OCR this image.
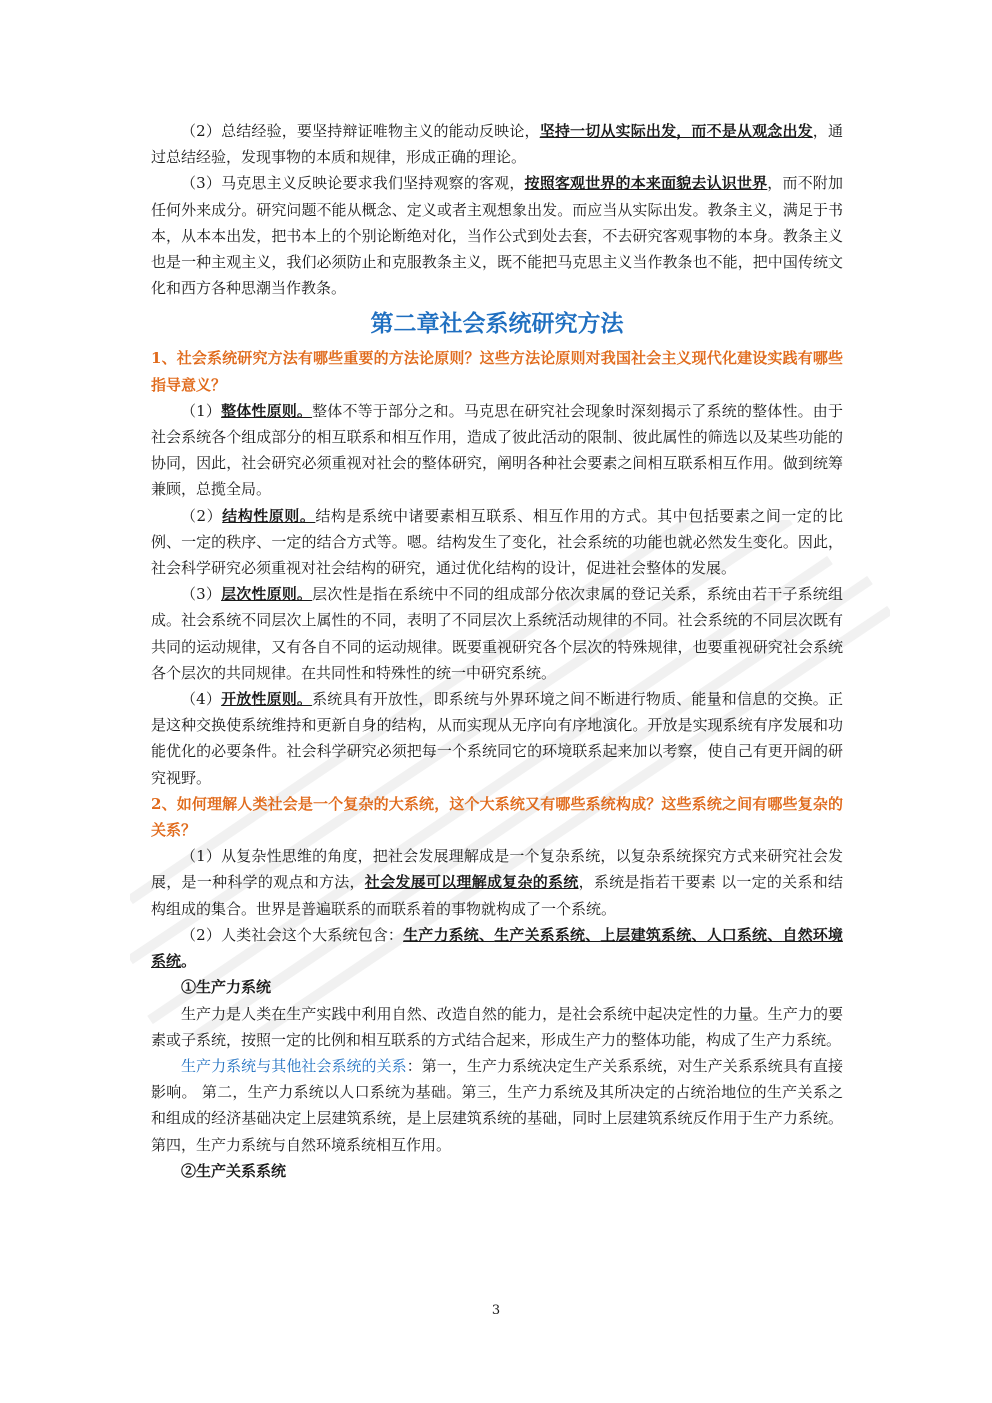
（2）总结经验，要坚持辩证唯物主义的能动反映论，坚持一切从实际出发，而不是从观念出发，通过总结经验，发现事物的本质和规律，形成正确的理论。

（3）马克思主义反映论要求我们坚持观察的客观，按照客观世界的本来面貌去认识世界，而不附加任何外来成分。研究问题不能从概念、定义或者主观想象出发。而应当从实际出发。教条主义，满足于书本，从本本出发，把书本上的个别论断绝对化，当作公式到处去套，不去研究客观事物的本身。教条主义也是一种主观主义，我们必须防止和克服教条主义，既不能把马克思主义当作教条也不能，把中国传统文化和西方各种思潮当作教条。

第二章社会系统研究方法

1、社会系统研究方法有哪些重要的方法论原则？这些方法论原则对我国社会主义现代化建设实践有哪些指导意义？

（1）整体性原则。整体不等于部分之和。马克思在研究社会现象时深刻揭示了系统的整体性。由于社会系统各个组成部分的相互联系和相互作用，造成了彼此活动的限制、彼此属性的筛选以及某些功能的协同，因此，社会研究必须重视对社会的整体研究，阐明各种社会要素之间相互联系相互作用。做到统筹兼顾，总揽全局。

（2）结构性原则。结构是系统中诸要素相互联系、相互作用的方式。其中包括要素之间一定的比例、一定的秩序、一定的结合方式等。嗯。结构发生了变化，社会系统的功能也就必然发生变化。因此，社会科学研究必须重视对社会结构的研究，通过优化结构的设计，促进社会整体的发展。

（3）层次性原则。层次性是指在系统中不同的组成部分依次隶属的登记关系，系统由若干子系统组成。社会系统不同层次上属性的不同，表明了不同层次上系统活动规律的不同。社会系统的不同层次既有共同的运动规律，又有各自不同的运动规律。既要重视研究各个层次的特殊规律，也要重视研究社会系统各个层次的共同规律。在共同性和特殊性的统一中研究系统。

（4）开放性原则。系统具有开放性，即系统与外界环境之间不断进行物质、能量和信息的交换。正是这种交换使系统维持和更新自身的结构，从而实现从无序向有序地演化。开放是实现系统有序发展和功能优化的必要条件。社会科学研究必须把每一个系统同它的环境联系起来加以考察，使自己有更开阔的研究视野。

2、如何理解人类社会是一个复杂的大系统，这个大系统又有哪些系统构成？这些系统之间有哪些复杂的关系？

（1）从复杂性思维的角度，把社会发展理解成是一个复杂系统，以复杂系统探究方式来研究社会发展，是一种科学的观点和方法，社会发展可以理解成复杂的系统，系统是指若干要素 以一定的关系和结构组成的集合。世界是普遍联系的而联系着的事物就构成了一个系统。

（2）人类社会这个大系统包含：生产力系统、生产关系系统、上层建筑系统、人口系统、自然环境系统。

①生产力系统

生产力是人类在生产实践中利用自然、改造自然的能力，是社会系统中起决定性的力量。生产力的要素或子系统，按照一定的比例和相互联系的方式结合起来，形成生产力的整体功能，构成了生产力系统。

生产力系统与其他社会系统的关系：第一，生产力系统决定生产关系系统，对生产关系系统具有直接影响。 第二，生产力系统以人口系统为基础。第三，生产力系统及其所决定的占统治地位的生产关系之和组成的经济基础决定上层建筑系统，是上层建筑系统的基础，同时上层建筑系统反作用于生产力系统。第四，生产力系统与自然环境系统相互作用。

②生产关系系统

3
